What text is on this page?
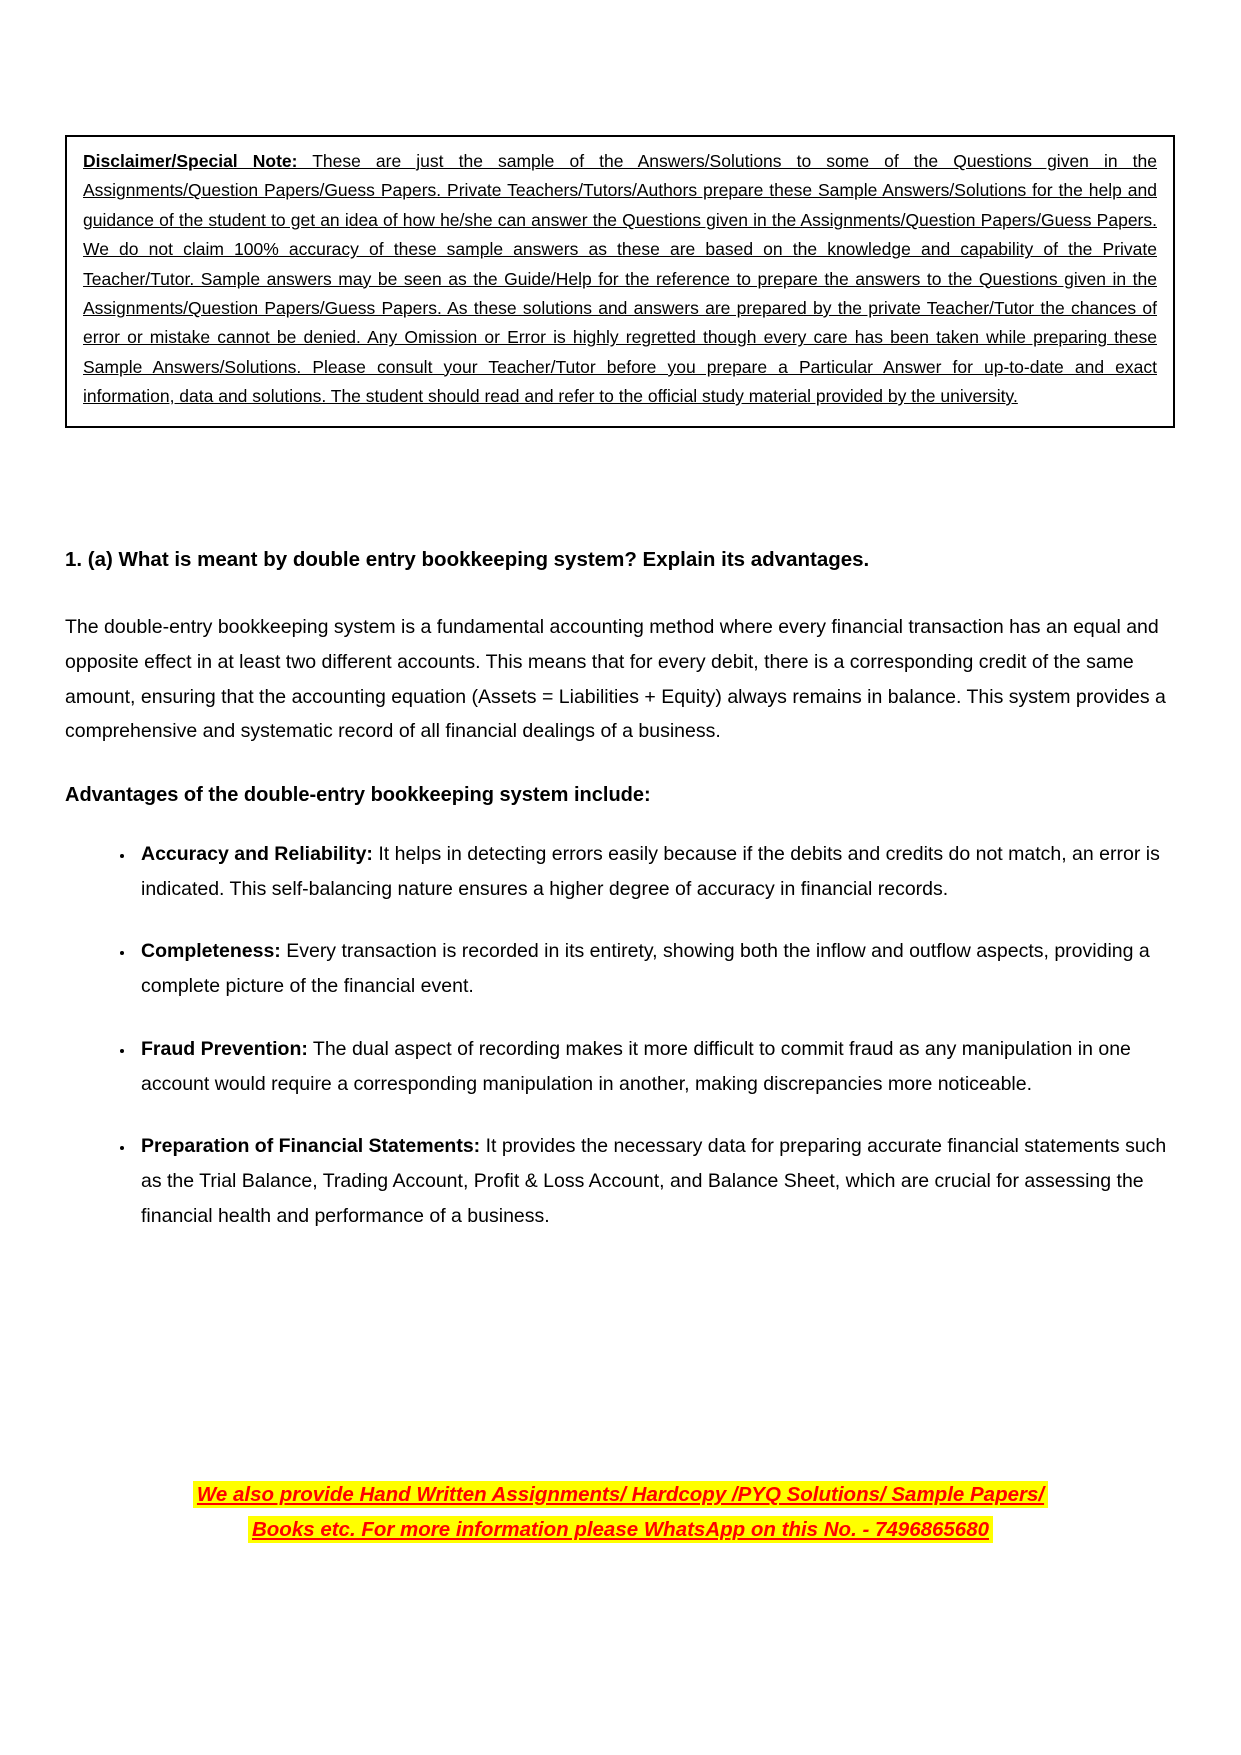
Disclaimer/Special Note: These are just the sample of the Answers/Solutions to some of the Questions given in the Assignments/Question Papers/Guess Papers. Private Teachers/Tutors/Authors prepare these Sample Answers/Solutions for the help and guidance of the student to get an idea of how he/she can answer the Questions given in the Assignments/Question Papers/Guess Papers. We do not claim 100% accuracy of these sample answers as these are based on the knowledge and capability of the Private Teacher/Tutor. Sample answers may be seen as the Guide/Help for the reference to prepare the answers to the Questions given in the Assignments/Question Papers/Guess Papers. As these solutions and answers are prepared by the private Teacher/Tutor the chances of error or mistake cannot be denied. Any Omission or Error is highly regretted though every care has been taken while preparing these Sample Answers/Solutions. Please consult your Teacher/Tutor before you prepare a Particular Answer for up-to-date and exact information, data and solutions. The student should read and refer to the official study material provided by the university.
1. (a) What is meant by double entry bookkeeping system? Explain its advantages.
The double-entry bookkeeping system is a fundamental accounting method where every financial transaction has an equal and opposite effect in at least two different accounts. This means that for every debit, there is a corresponding credit of the same amount, ensuring that the accounting equation (Assets = Liabilities + Equity) always remains in balance. This system provides a comprehensive and systematic record of all financial dealings of a business.
Advantages of the double-entry bookkeeping system include:
• Accuracy and Reliability: It helps in detecting errors easily because if the debits and credits do not match, an error is indicated. This self-balancing nature ensures a higher degree of accuracy in financial records.
• Completeness: Every transaction is recorded in its entirety, showing both the inflow and outflow aspects, providing a complete picture of the financial event.
• Fraud Prevention: The dual aspect of recording makes it more difficult to commit fraud as any manipulation in one account would require a corresponding manipulation in another, making discrepancies more noticeable.
• Preparation of Financial Statements: It provides the necessary data for preparing accurate financial statements such as the Trial Balance, Trading Account, Profit & Loss Account, and Balance Sheet, which are crucial for assessing the financial health and performance of a business.
We also provide Hand Written Assignments/ Hardcopy /PYQ Solutions/ Sample Papers/
Books etc. For more information please WhatsApp on this No. - 7496865680
